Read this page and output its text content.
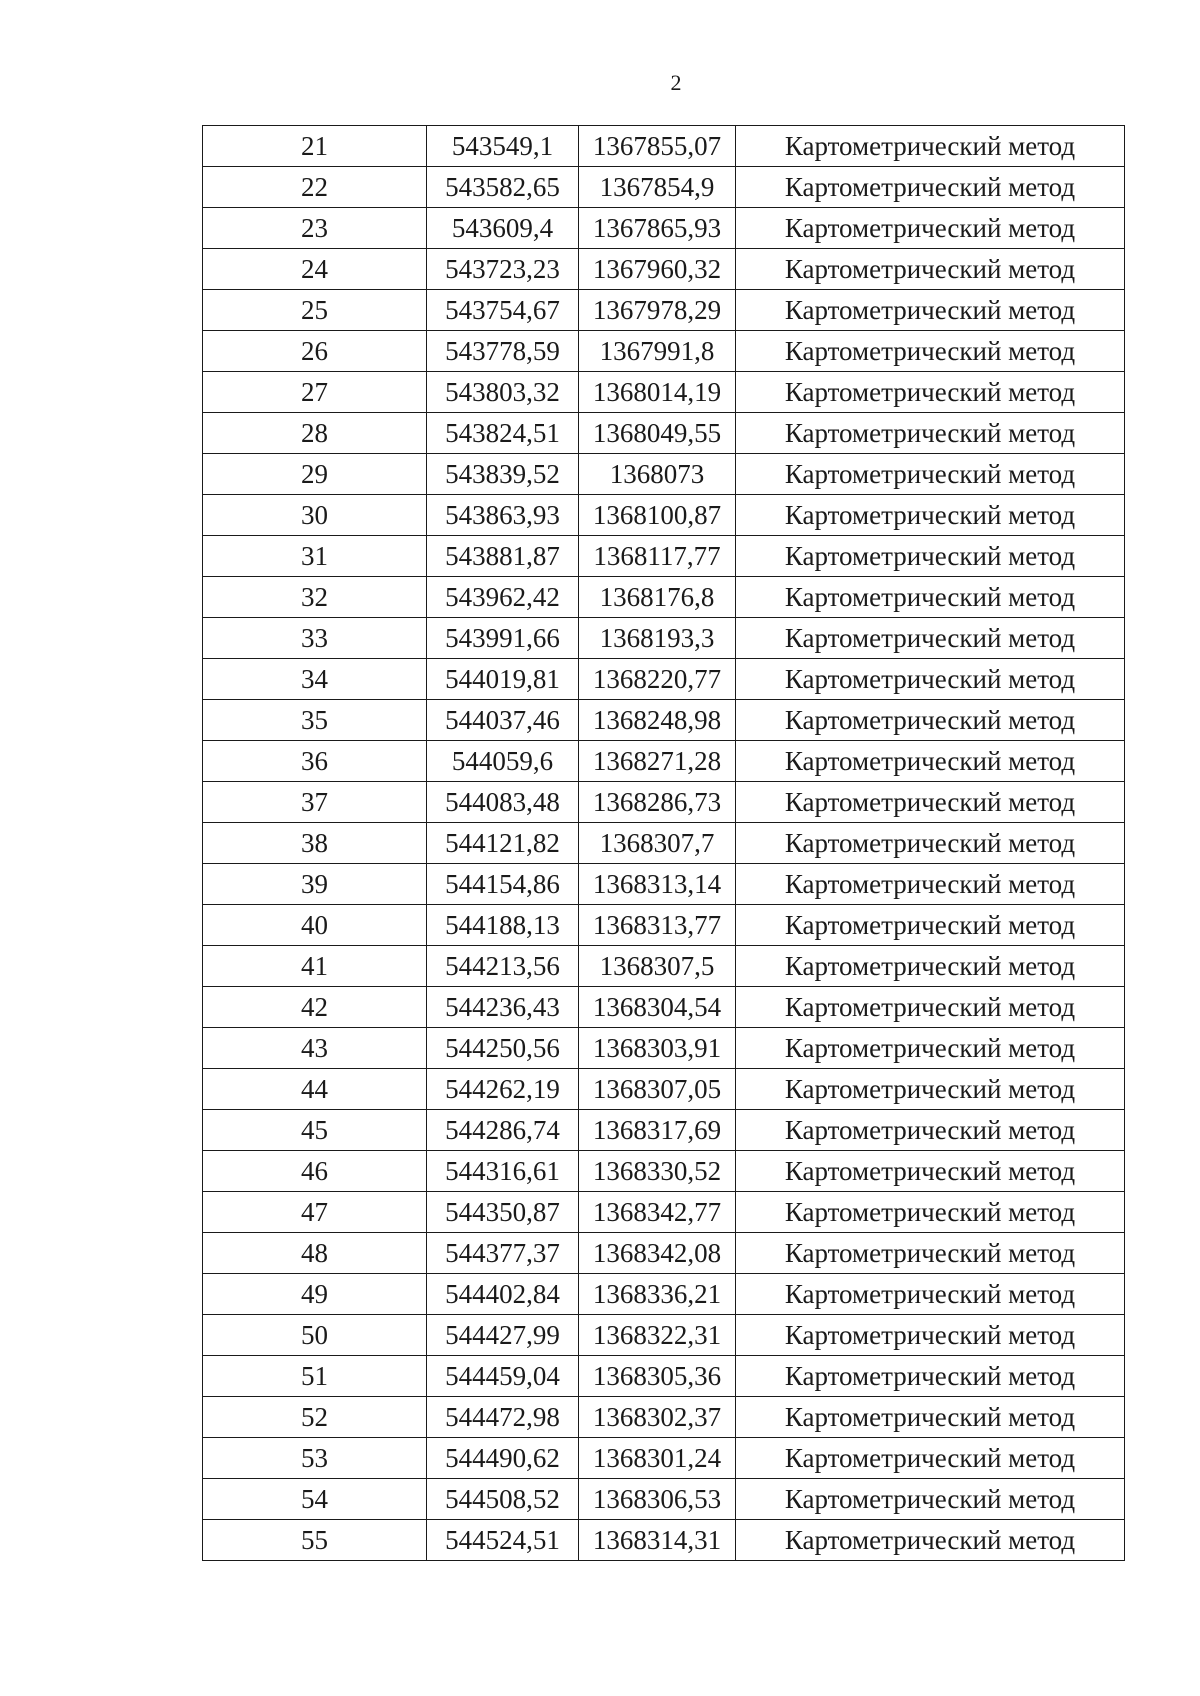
2
21	543549,1	1367855,07	Картометрический метод
22	543582,65	1367854,9	Картометрический метод
23	543609,4	1367865,93	Картометрический метод
24	543723,23	1367960,32	Картометрический метод
25	543754,67	1367978,29	Картометрический метод
26	543778,59	1367991,8	Картометрический метод
27	543803,32	1368014,19	Картометрический метод
28	543824,51	1368049,55	Картометрический метод
29	543839,52	1368073	Картометрический метод
30	543863,93	1368100,87	Картометрический метод
31	543881,87	1368117,77	Картометрический метод
32	543962,42	1368176,8	Картометрический метод
33	543991,66	1368193,3	Картометрический метод
34	544019,81	1368220,77	Картометрический метод
35	544037,46	1368248,98	Картометрический метод
36	544059,6	1368271,28	Картометрический метод
37	544083,48	1368286,73	Картометрический метод
38	544121,82	1368307,7	Картометрический метод
39	544154,86	1368313,14	Картометрический метод
40	544188,13	1368313,77	Картометрический метод
41	544213,56	1368307,5	Картометрический метод
42	544236,43	1368304,54	Картометрический метод
43	544250,56	1368303,91	Картометрический метод
44	544262,19	1368307,05	Картометрический метод
45	544286,74	1368317,69	Картометрический метод
46	544316,61	1368330,52	Картометрический метод
47	544350,87	1368342,77	Картометрический метод
48	544377,37	1368342,08	Картометрический метод
49	544402,84	1368336,21	Картометрический метод
50	544427,99	1368322,31	Картометрический метод
51	544459,04	1368305,36	Картометрический метод
52	544472,98	1368302,37	Картометрический метод
53	544490,62	1368301,24	Картометрический метод
54	544508,52	1368306,53	Картометрический метод
55	544524,51	1368314,31	Картометрический метод
